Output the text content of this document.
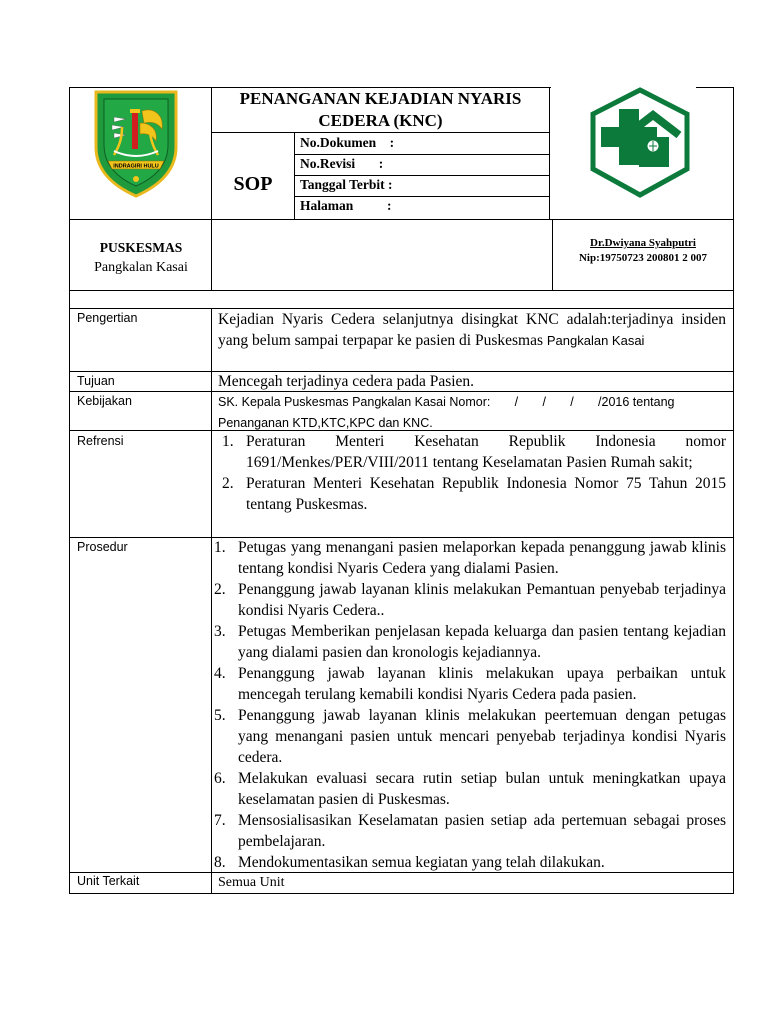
INDRAGIRI HULU
PENANGANAN KEJADIAN NYARIS CEDERA (KNC)
SOP
No.Dokumen    :
No.Revisi       :
Tanggal Terbit :
Halaman          :
PUSKESMAS
Pangkalan Kasai
Dr.Dwiyana Syahputri
Nip:19750723 200801 2 007
Pengertian	Kejadian Nyaris Cedera selanjutnya disingkat KNC adalah:terjadinya insiden yang belum sampai terpapar ke pasien di Puskesmas Pangkalan Kasai
Tujuan	Mencegah terjadinya cedera pada Pasien.
Kebijakan	SK. Kepala Puskesmas Pangkalan Kasai Nomor:       /       /       /       /2016 tentang
Penanganan KTD,KTC,KPC dan KNC.
Refrensi	1. Peraturan Menteri Kesehatan Republik Indonesia nomor 1691/Menkes/PER/VIII/2011 tentang Keselamatan Pasien Rumah sakit;
2. Peraturan Menteri Kesehatan Republik Indonesia Nomor 75 Tahun 2015 tentang Puskesmas.
Prosedur	1. Petugas yang menangani pasien melaporkan kepada penanggung jawab klinis tentang kondisi Nyaris Cedera yang dialami Pasien.
2. Penanggung jawab layanan klinis melakukan Pemantuan penyebab terjadinya kondisi Nyaris Cedera..
3. Petugas Memberikan penjelasan kepada keluarga dan pasien tentang kejadian yang dialami pasien dan kronologis kejadiannya.
4. Penanggung jawab layanan klinis melakukan upaya perbaikan untuk mencegah terulang kemabili kondisi Nyaris Cedera pada pasien.
5. Penanggung jawab layanan klinis melakukan peertemuan dengan petugas yang menangani pasien untuk mencari penyebab terjadinya kondisi Nyaris cedera.
6. Melakukan evaluasi secara rutin setiap bulan untuk meningkatkan upaya keselamatan pasien di Puskesmas.
7. Mensosialisasikan Keselamatan pasien setiap ada pertemuan sebagai proses pembelajaran.
8. Mendokumentasikan semua kegiatan yang telah dilakukan.
Unit Terkait	Semua Unit
